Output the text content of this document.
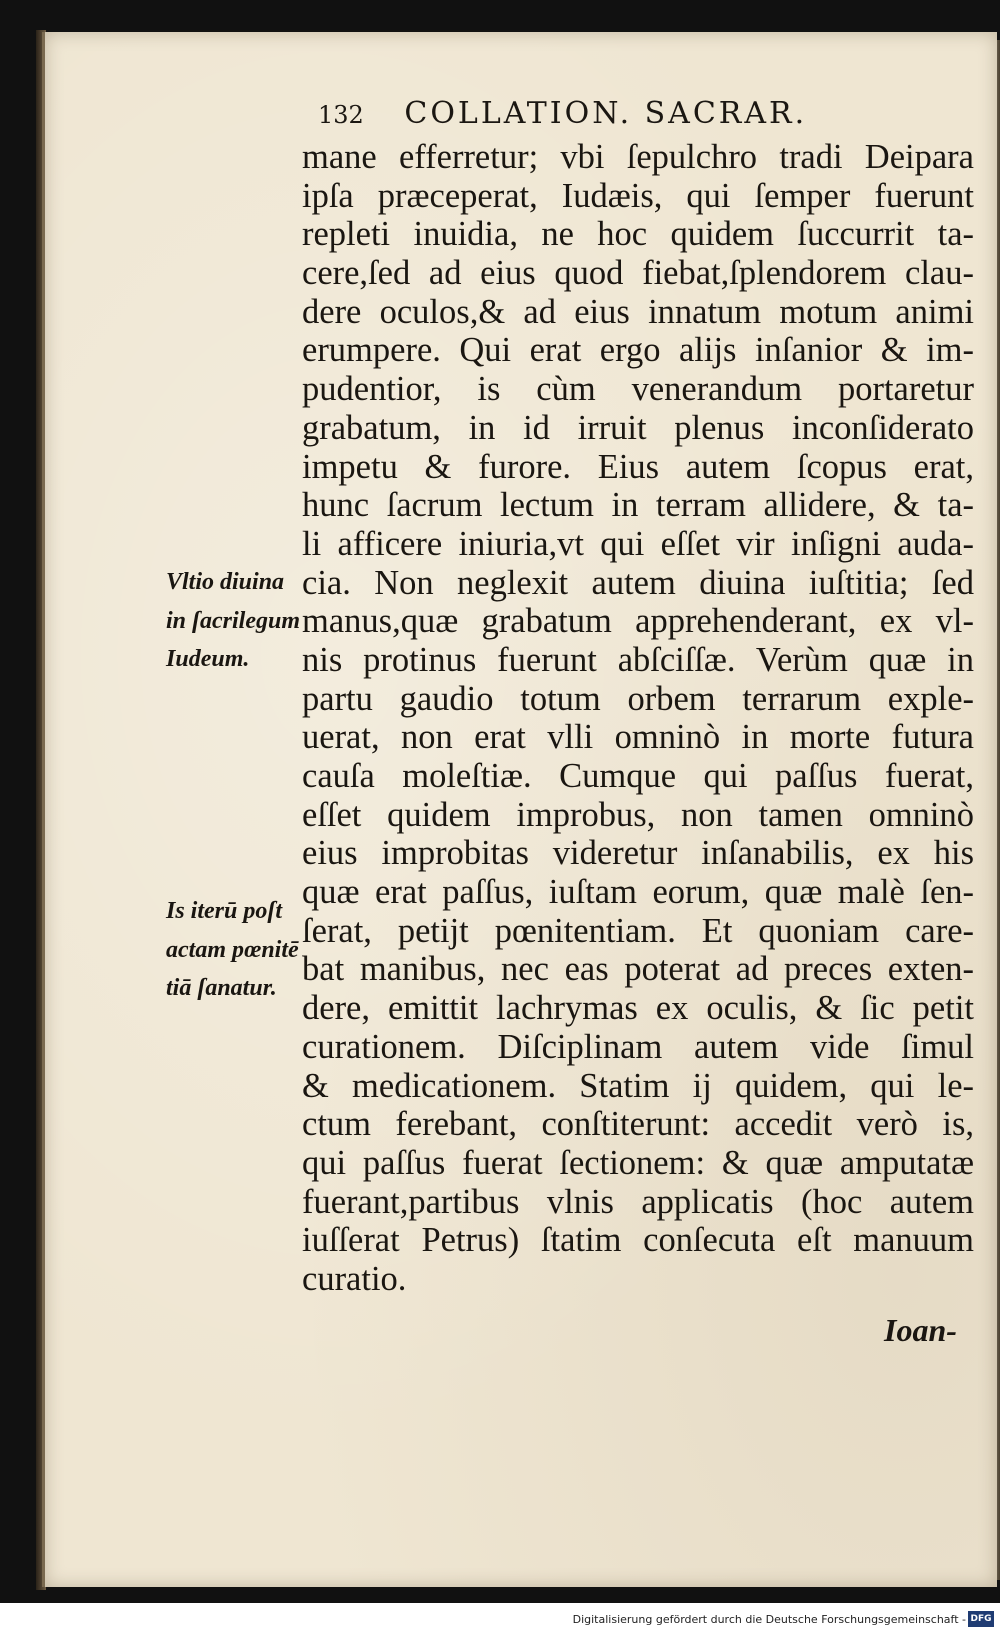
132 COLLATION. SACRAR.
mane efferretur; vbi ſepulchro tradi Deipara
ipſa præceperat, Iudæis, qui ſemper fuerunt
repleti inuidia, ne hoc quidem ſuccurrit ta-
cere,ſed ad eius quod fiebat,ſplendorem clau-
dere oculos,& ad eius innatum motum animi
erumpere. Qui erat ergo alijs inſanior & im-
pudentior, is cùm venerandum portaretur
grabatum, in id irruit plenus inconſiderato
impetu & furore. Eius autem ſcopus erat,
hunc ſacrum lectum in terram allidere, & ta-
li afficere iniuria,vt qui eſſet vir inſigni auda-
cia. Non neglexit autem diuina iuſtitia; ſed
manus,quæ grabatum apprehenderant, ex vl-
nis protinus fuerunt abſciſſæ. Verùm quæ in
partu gaudio totum orbem terrarum exple-
uerat, non erat vlli omninò in morte futura
cauſa moleſtiæ. Cumque qui paſſus fuerat,
eſſet quidem improbus, non tamen omninò
eius improbitas videretur inſanabilis, ex his
quæ erat paſſus, iuſtam eorum, quæ malè ſen-
ſerat, petijt pœnitentiam. Et quoniam care-
bat manibus, nec eas poterat ad preces exten-
dere, emittit lachrymas ex oculis, & ſic petit
curationem. Diſciplinam autem vide ſimul
& medicationem. Statim ij quidem, qui le-
ctum ferebant, conſtiterunt: accedit verò is,
qui paſſus fuerat ſectionem: & quæ amputatæ
fuerant,partibus vlnis applicatis (hoc autem
iuſſerat Petrus) ſtatim conſecuta eſt manuum
curatio.
Vltio diuina
in ſacrilegum
Iudeum.
Is iterū poſt
actam pœnitē
tiā ſanatur.
Ioan-
Digitalisierung gefördert durch die Deutsche Forschungsgemeinschaft - DFG
